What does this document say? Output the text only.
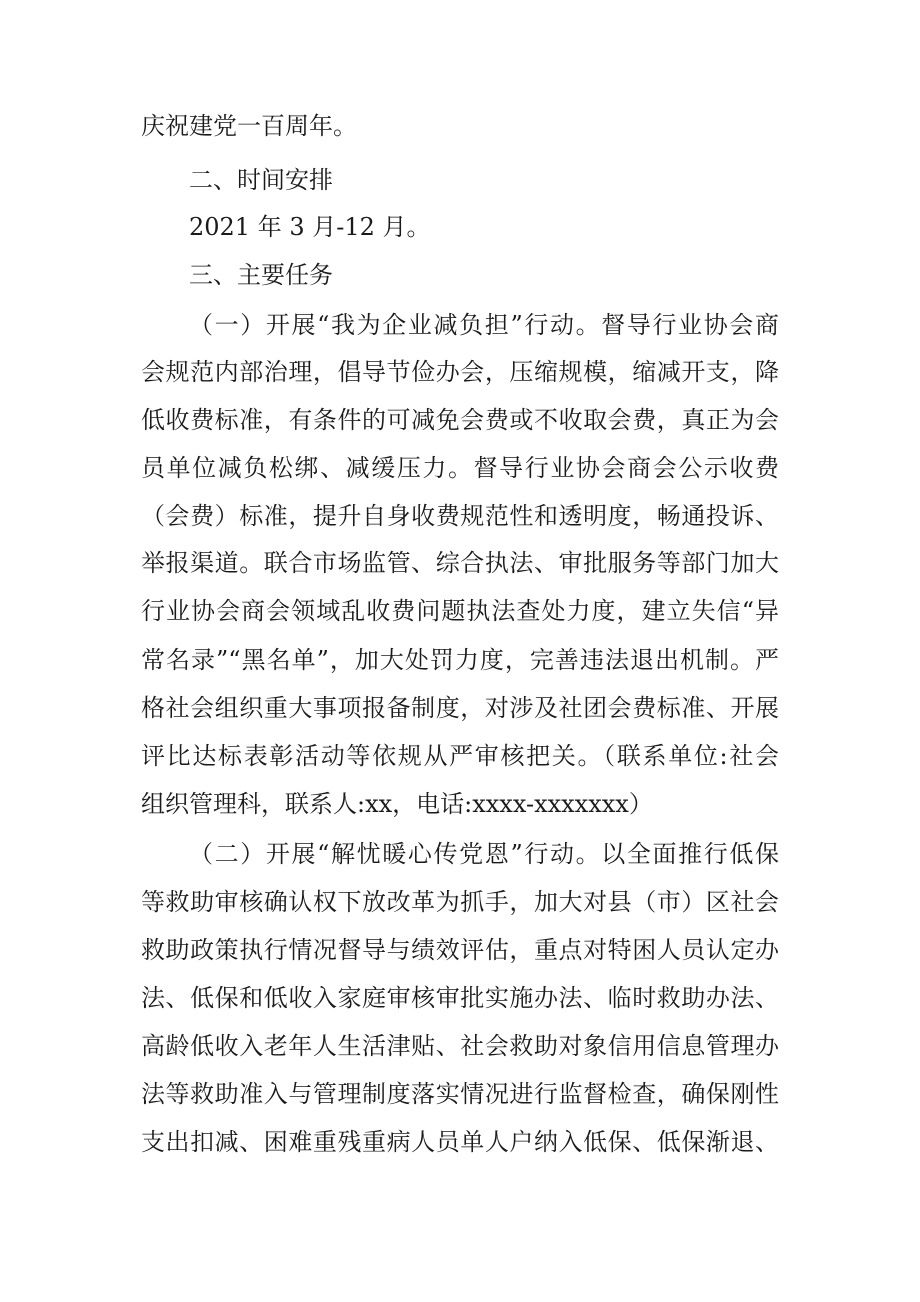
庆祝建党一百周年。
二、时间安排
2021 年 3 月-12 月。
三、主要任务
（一）开展“我为企业减负担”行动。督导行业协会商
会规范内部治理，倡导节俭办会，压缩规模，缩减开支，降
低收费标准，有条件的可减免会费或不收取会费，真正为会
员单位减负松绑、减缓压力。督导行业协会商会公示收费
（会费）标准，提升自身收费规范性和透明度，畅通投诉、
举报渠道。联合市场监管、综合执法、审批服务等部门加大
行业协会商会领域乱收费问题执法查处力度，建立失信“异
常名录”“黑名单”，加大处罚力度，完善违法退出机制。严
格社会组织重大事项报备制度，对涉及社团会费标准、开展
评比达标表彰活动等依规从严审核把关。（联系单位:社会
组织管理科，联系人:xx，电话:xxxx-xxxxxxx）
（二）开展“解忧暖心传党恩”行动。以全面推行低保
等救助审核确认权下放改革为抓手，加大对县（市）区社会
救助政策执行情况督导与绩效评估，重点对特困人员认定办
法、低保和低收入家庭审核审批实施办法、临时救助办法、
高龄低收入老年人生活津贴、社会救助对象信用信息管理办
法等救助准入与管理制度落实情况进行监督检查，确保刚性
支出扣减、困难重残重病人员单人户纳入低保、低保渐退、
